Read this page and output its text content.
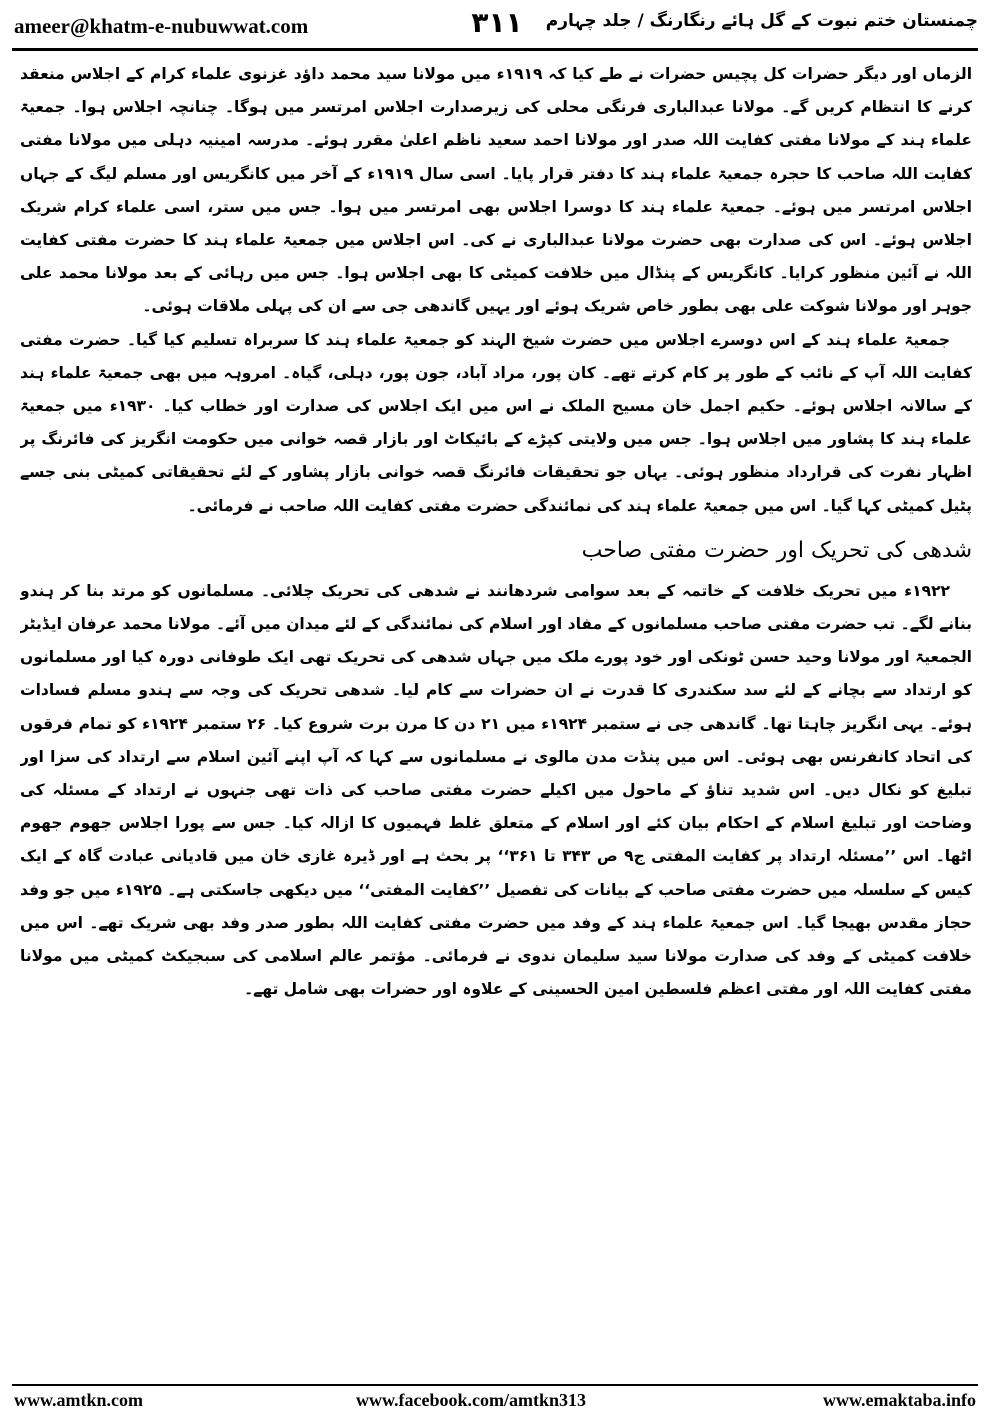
ameer@khatm-e-nubuwwat.com	۳۱۱	چمنستان ختم نبوت کے گل ہائے رنگارنگ / جلد چہارم

الزماں اور دیگر حضرات کل پچیس حضرات نے طے کیا کہ ۱۹۱۹ء میں مولانا سید محمد داؤد غزنوی علماء کرام کے اجلاس منعقد کرنے کا انتظام کریں گے۔ مولانا عبدالباری فرنگی محلی کی زیرصدارت اجلاس امرتسر میں ہوگا۔ چنانچہ اجلاس ہوا۔ جمعیۃ علماء ہند کے مولانا مفتی کفایت اللہ صدر اور مولانا احمد سعید ناظم اعلیٰ مقرر ہوئے۔ مدرسہ امینیہ دہلی میں مولانا مفتی کفایت اللہ صاحب کا حجرہ جمعیۃ علماء ہند کا دفتر قرار پایا۔ اسی سال ۱۹۱۹ء کے آخر میں کانگریس اور مسلم لیگ کے جہاں اجلاس امرتسر میں ہوئے۔ جمعیۃ علماء ہند کا دوسرا اجلاس بھی امرتسر میں ہوا۔ جس میں ستر، اسی علماء کرام شریک اجلاس ہوئے۔ اس کی صدارت بھی حضرت مولانا عبدالباری نے کی۔ اس اجلاس میں جمعیۃ علماء ہند کا حضرت مفتی کفایت اللہ نے آئین منظور کرایا۔ کانگریس کے پنڈال میں خلافت کمیٹی کا بھی اجلاس ہوا۔ جس میں رہائی کے بعد مولانا محمد علی جوہر اور مولانا شوکت علی بھی بطور خاص شریک ہوئے اور یہیں گاندھی جی سے ان کی پہلی ملاقات ہوئی۔

جمعیۃ علماء ہند کے اس دوسرے اجلاس میں حضرت شیخ الہند کو جمعیۃ علماء ہند کا سربراہ تسلیم کیا گیا۔ حضرت مفتی کفایت اللہ آپ کے نائب کے طور پر کام کرتے تھے۔ کان پور، مراد آباد، جون پور، دہلی، گیاہ۔ امروہہ میں بھی جمعیۃ علماء ہند کے سالانہ اجلاس ہوئے۔ حکیم اجمل خان مسیح الملک نے اس میں ایک اجلاس کی صدارت اور خطاب کیا۔ ۱۹۳۰ء میں جمعیۃ علماء ہند کا پشاور میں اجلاس ہوا۔ جس میں ولایتی کپڑے کے بائیکاٹ اور بازار قصہ خوانی میں حکومت انگریز کی فائرنگ پر اظہار نفرت کی قرارداد منظور ہوئی۔ یہاں جو تحقیقات فائرنگ قصہ خوانی بازار پشاور کے لئے تحقیقاتی کمیٹی بنی جسے پٹیل کمیٹی کہا گیا۔ اس میں جمعیۃ علماء ہند کی نمائندگی حضرت مفتی کفایت اللہ صاحب نے فرمائی۔

شدھی کی تحریک اور حضرت مفتی صاحب

۱۹۲۲ء میں تحریک خلافت کے خاتمہ کے بعد سوامی شردھانند نے شدھی کی تحریک چلائی۔ مسلمانوں کو مرتد بنا کر ہندو بنانے لگے۔ تب حضرت مفتی صاحب مسلمانوں کے مفاد اور اسلام کی نمائندگی کے لئے میدان میں آئے۔ مولانا محمد عرفان ایڈیٹر الجمعیۃ اور مولانا وحید حسن ٹونکی اور خود پورے ملک میں جہاں شدھی کی تحریک تھی ایک طوفانی دورہ کیا اور مسلمانوں کو ارتداد سے بچانے کے لئے سد سکندری کا قدرت نے ان حضرات سے کام لیا۔ شدھی تحریک کی وجہ سے ہندو مسلم فسادات ہوئے۔ یہی انگریز چاہتا تھا۔ گاندھی جی نے ستمبر ۱۹۲۴ء میں ۲۱ دن کا مرن برت شروع کیا۔ ۲۶ ستمبر ۱۹۲۴ء کو تمام فرقوں کی اتحاد کانفرنس بھی ہوئی۔ اس میں پنڈت مدن مالوی نے مسلمانوں سے کہا کہ آپ اپنے آئین اسلام سے ارتداد کی سزا اور تبلیغ کو نکال دیں۔ اس شدید تناؤ کے ماحول میں اکیلے حضرت مفتی صاحب کی ذات تھی جنہوں نے ارتداد کے مسئلہ کی وضاحت اور تبلیغ اسلام کے احکام بیان کئے اور اسلام کے متعلق غلط فہمیوں کا ازالہ کیا۔ جس سے پورا اجلاس جھوم جھوم اٹھا۔ اس ’’مسئلہ ارتداد پر کفایت المفتی ج۹ ص ۳۴۳ تا ۳۶۱‘‘ پر بحث ہے اور ڈیرہ غازی خان میں قادیانی عبادت گاہ کے ایک کیس کے سلسلہ میں حضرت مفتی صاحب کے بیانات کی تفصیل ’’کفایت المفتی‘‘ میں دیکھی جاسکتی ہے۔ ۱۹۲۵ء میں جو وفد حجاز مقدس بھیجا گیا۔ اس جمعیۃ علماء ہند کے وفد میں حضرت مفتی کفایت اللہ بطور صدر وفد بھی شریک تھے۔ اس میں خلافت کمیٹی کے وفد کی صدارت مولانا سید سلیمان ندوی نے فرمائی۔ مؤتمر عالم اسلامی کی سبجیکٹ کمیٹی میں مولانا مفتی کفایت اللہ اور مفتی اعظم فلسطین امین الحسینی کے علاوہ اور حضرات بھی شامل تھے۔

www.amtkn.com	www.facebook.com/amtkn313	www.emaktaba.info
